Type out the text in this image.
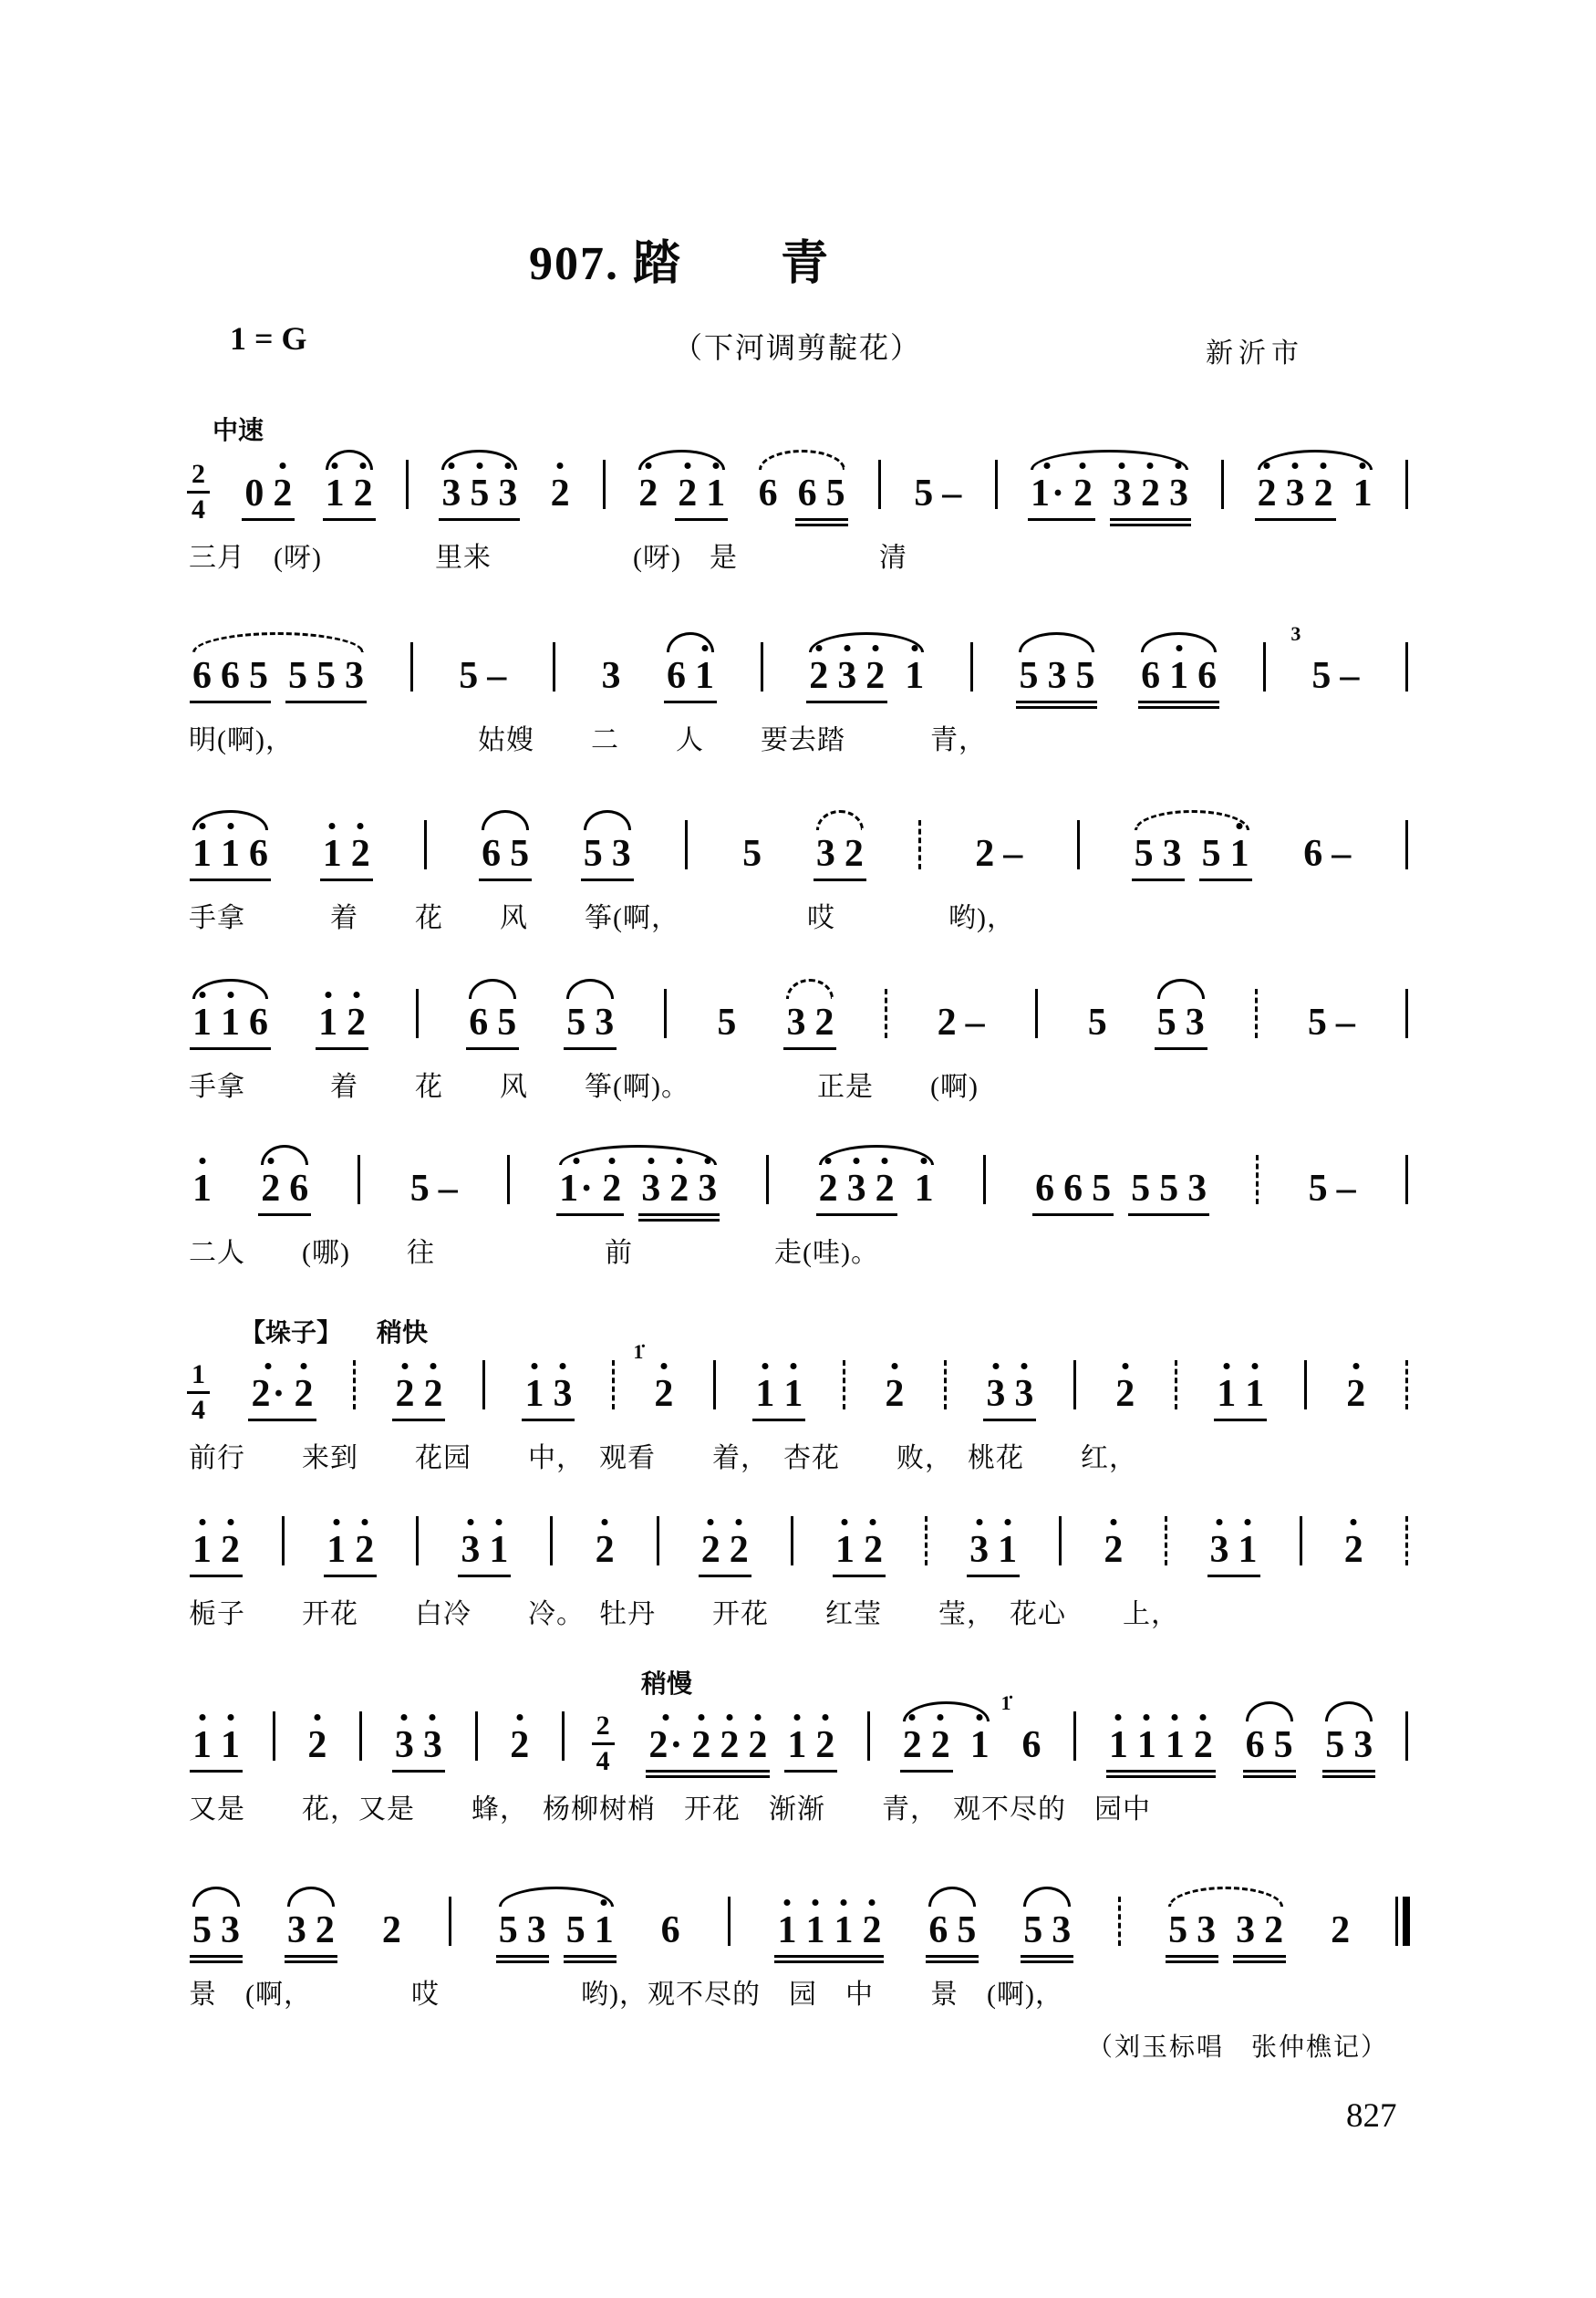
907. 踏　　青
1 = G	（下河调剪靛花）	新沂市
中速
$\frac{2}{4} 0$ 2 1 2 3 5 3 2 2 2 1 6 6 5 5 – 1· 2 3 2 3 2 3 2 1
三月　(呀)　　　　里来　　　　　(呀)　是　　　　　清
6 6 5 5 5 3 5 – 3 6 1 2 3 2 1 5 3 5 6 1 6
3
5 –
明(啊)，　　　　　　　姑嫂　　二　　人　　要去踏　　　青，
1 1 6 1 2	6 5 5 3	5 3 2	2 –	5 3 5 1 6 –
手拿　　　着　　花　　风　　筝(啊，　　　　　哎　　　　哟)，
1 1 6 1 2	6 5 5 3	5 3 2	2 –	5 5 3	5 –
手拿　　　着　　花　　风　　筝(啊)。　　　　　正是　　(啊)
1 2 6	5 –	1· 2 3 2 3	2 3 2 1	6 6 5 5 5 3	5 –
二人　　(哪)　　往　　　　　　前　　　　　走(哇)。
【垛子】 稍快
$\frac{1}{4} 2\cdot 2$ 2 2 1 3
1̇
2 1 1 2 3 3 2 1 1 2
前行　　来到　　花园　　中，　观看　　着，　杏花　　败，　桃花　　红，
1 2 1 2 3 1 2 2 2 1 2 3 1 2 3 1 2
栀子　　开花　　白冷　　冷。　牡丹　　开花　　红莹　　莹，　花心　　上，
稍慢
1 1 2 3 3 $2 \frac{2}{4} 2\cdot 2$ 2 2 1 2 2 2 1
1̇
6 1 1 1 2 6 5 5 3
又是　　花，又是　　蜂，　杨柳树梢　开花　渐渐　　青，　观不尽的　园中
5 3 3 2 2	5 3 5 1 6	1 1 1 2 6 5 5 3	5 3 3 2 2
景　(啊，　　　　哎　　　　　哟)，观不尽的　园　中　　景　(啊)，
（刘玉标唱　张仲樵记）
827
